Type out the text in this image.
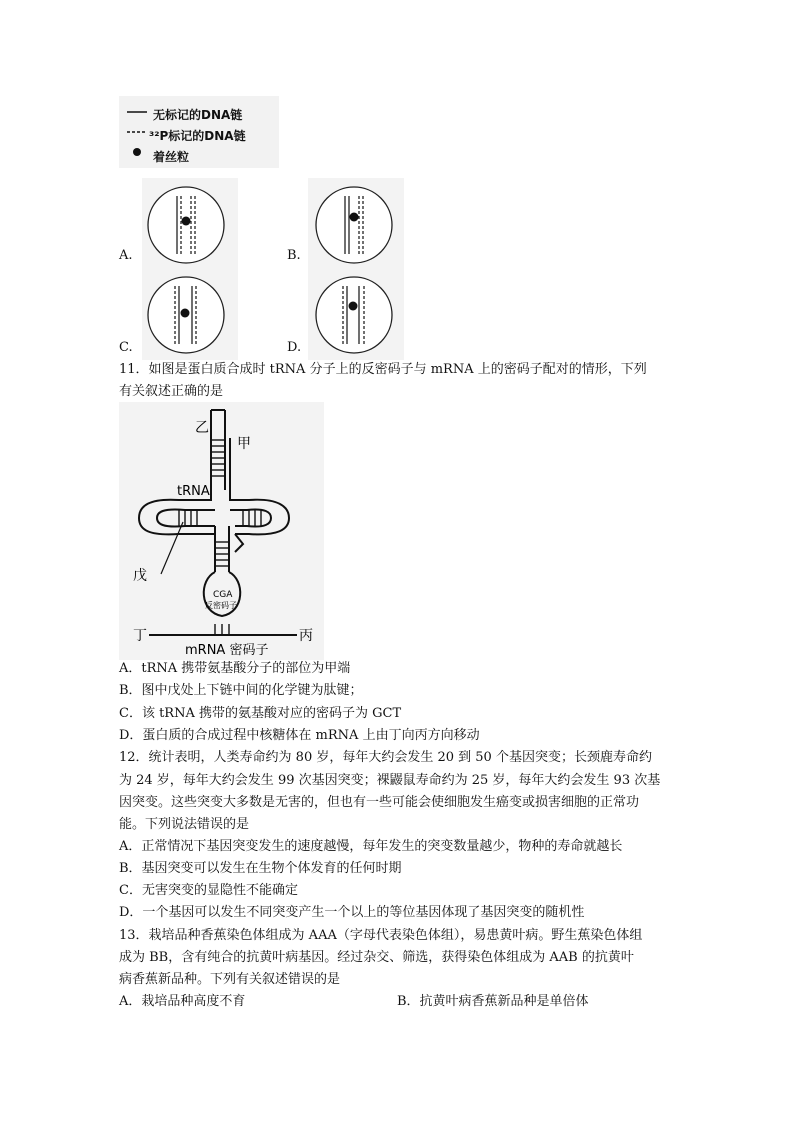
无标记的DNA链
³²P标记的DNA链
着丝粒
A.	B.
C.	D.
11．如图是蛋白质合成时 tRNA 分子上的反密码子与 mRNA 上的密码子配对的情形，下列
有关叙述正确的是
乙
甲
tRNA
戊
CGA
反密码子
丁	丙
mRNA 密码子
A．tRNA 携带氨基酸分子的部位为甲端
B．图中戊处上下链中间的化学键为肽键；
C．该 tRNA 携带的氨基酸对应的密码子为 GCT
D．蛋白质的合成过程中核糖体在 mRNA 上由丁向丙方向移动
12．统计表明，人类寿命约为 80 岁，每年大约会发生 20 到 50 个基因突变；长颈鹿寿命约
为 24 岁，每年大约会发生 99 次基因突变；裸鼹鼠寿命约为 25 岁，每年大约会发生 93 次基
因突变。这些突变大多数是无害的，但也有一些可能会使细胞发生癌变或损害细胞的正常功
能。下列说法错误的是
A．正常情况下基因突变发生的速度越慢，每年发生的突变数量越少，物种的寿命就越长
B．基因突变可以发生在生物个体发育的任何时期
C．无害突变的显隐性不能确定
D．一个基因可以发生不同突变产生一个以上的等位基因体现了基因突变的随机性
13．栽培品种香蕉染色体组成为 AAA（字母代表染色体组），易患黄叶病。野生蕉染色体组
成为 BB，含有纯合的抗黄叶病基因。经过杂交、筛选，获得染色体组成为 AAB 的抗黄叶
病香蕉新品种。下列有关叙述错误的是
A．栽培品种高度不育	B．抗黄叶病香蕉新品种是单倍体
